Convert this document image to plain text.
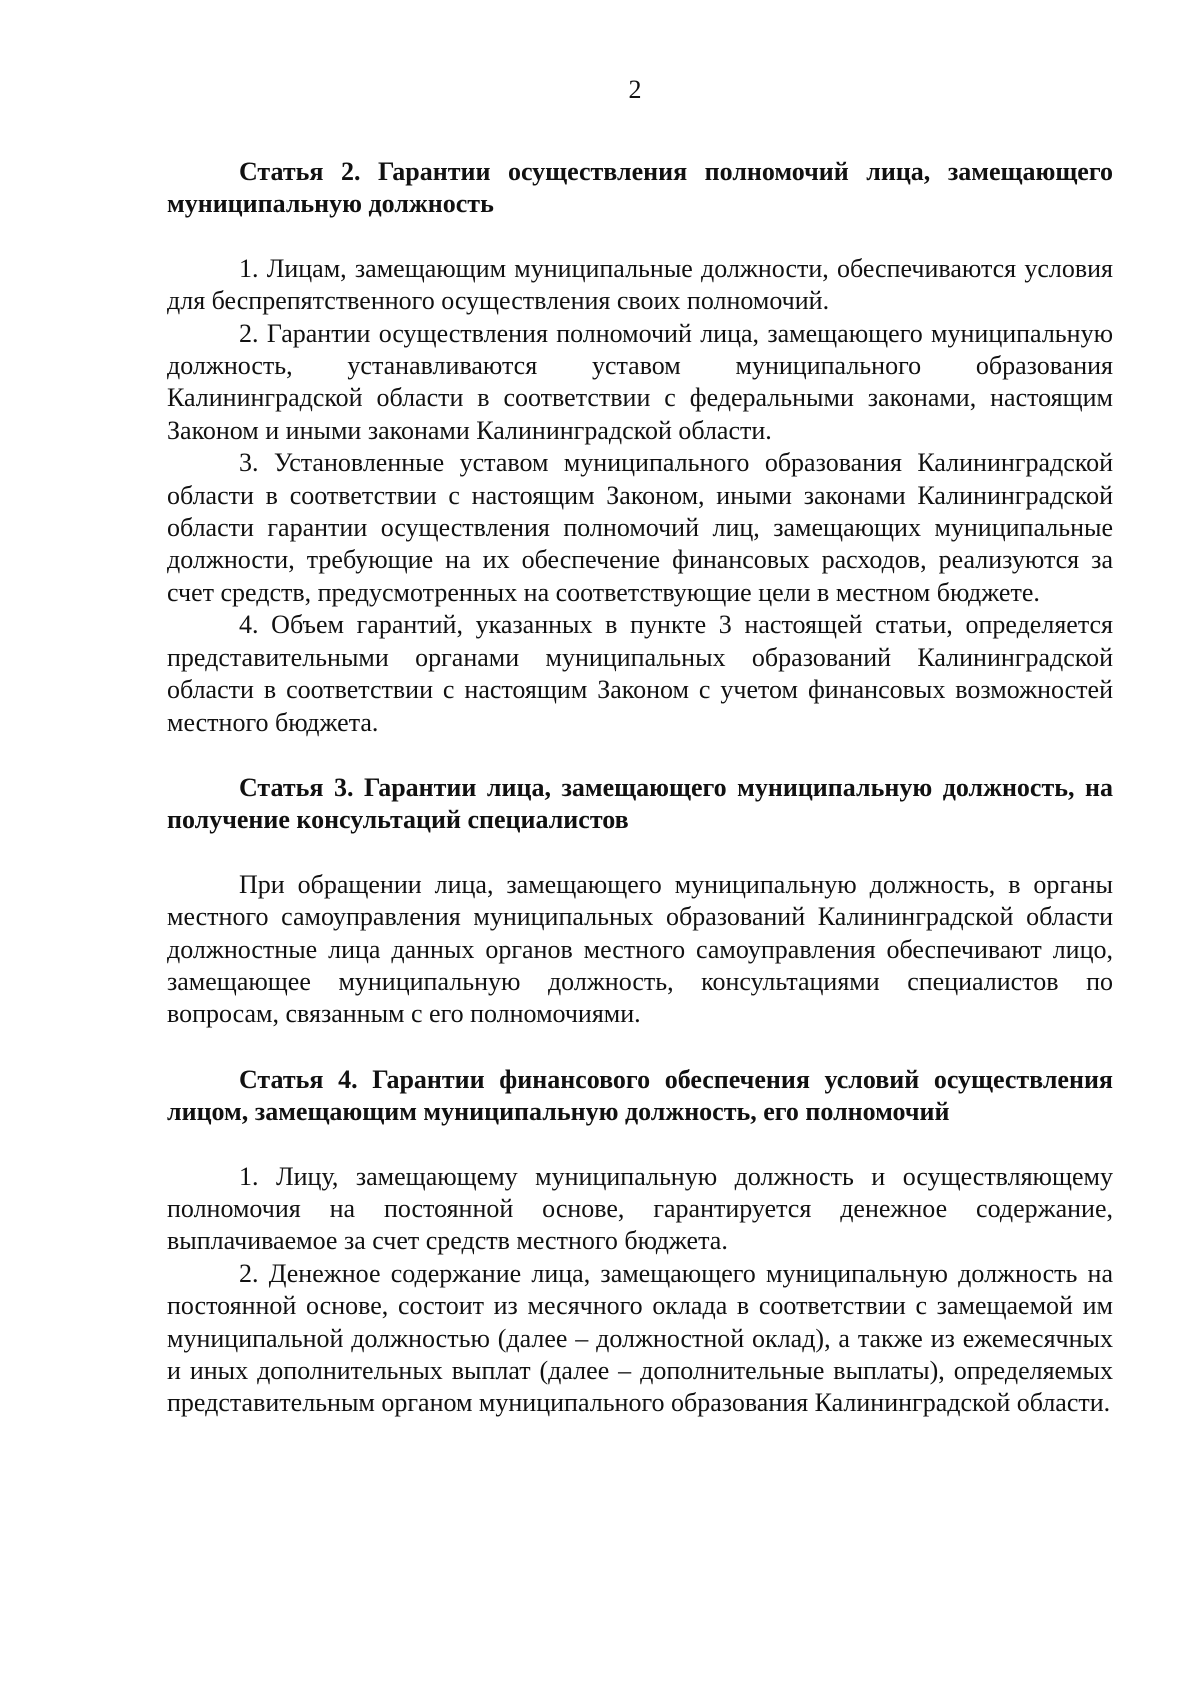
2

Статья 2. Гарантии осуществления полномочий лица, замещающего муниципальную должность

1. Лицам, замещающим муниципальные должности, обеспечиваются условия для беспрепятственного осуществления своих полномочий.

2. Гарантии осуществления полномочий лица, замещающего муниципальную должность, устанавливаются уставом муниципального образования Калининградской области в соответствии с федеральными законами, настоящим Законом и иными законами Калининградской области.

3. Установленные уставом муниципального образования Калининградской области в соответствии с настоящим Законом, иными законами Калининградской области гарантии осуществления полномочий лиц, замещающих муниципальные должности, требующие на их обеспечение финансовых расходов, реализуются за счет средств, предусмотренных на соответствующие цели в местном бюджете.

4. Объем гарантий, указанных в пункте 3 настоящей статьи, определяется представительными органами муниципальных образований Калининградской области в соответствии с настоящим Законом с учетом финансовых возможностей местного бюджета.

Статья 3. Гарантии лица, замещающего муниципальную должность, на получение консультаций специалистов

При обращении лица, замещающего муниципальную должность, в органы местного самоуправления муниципальных образований Калининградской области должностные лица данных органов местного самоуправления обеспечивают лицо, замещающее муниципальную должность, консультациями специалистов по вопросам, связанным с его полномочиями.

Статья 4. Гарантии финансового обеспечения условий осуществления лицом, замещающим муниципальную должность, его полномочий

1. Лицу, замещающему муниципальную должность и осуществляющему полномочия на постоянной основе, гарантируется денежное содержание, выплачиваемое за счет средств местного бюджета.

2. Денежное содержание лица, замещающего муниципальную должность на постоянной основе, состоит из месячного оклада в соответствии с замещаемой им муниципальной должностью (далее – должностной оклад), а также из ежемесячных и иных дополнительных выплат (далее – дополнительные выплаты), определяемых представительным органом муниципального образования Калининградской области.
